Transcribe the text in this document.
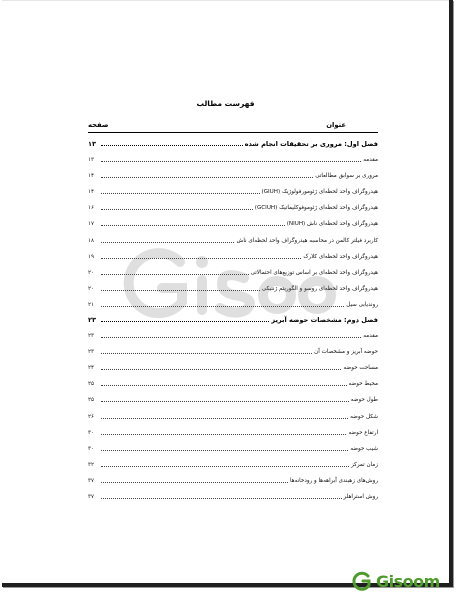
فهرست مطالب
عنوان
صفحه
فصل اول: مروری بر تحقیقات انجام شده
۱۳
مقدمه
۱۳
مروری بر سوابق مطالعاتی
۱۴
هیدروگراف واحد لحظه‌ای ژئومورفولوژیک (GIUH)
۱۴
هیدروگراف واحد لحظه‌ای ژئوموفوکلیماتیک (GCIUH)
۱۶
هیدروگراف واحد لحظه‌ای ناش (NIUH)
۱۷
کاربرد فیلتر کالمن در محاسبه هیدروگراف واحد لحظه‌ای ناش
۱۸
هیدروگراف واحد لحظه‌ای کلارک
۱۹
هیدروگراف واحد لحظه‌ای بر اساس توزیع‌های احتمالاتی
۲۰
هیدروگراف واحد لحظه‌ای روسو و الگوریتم ژنتیکی
۲۰
روندیابی سیل
۲۱
فصل دوم: مشخصات حوضه آبریز
۲۳
مقدمه
۲۳
حوضه آبریز و مشخصات آن
۲۳
مساحت حوضه
۲۴
محیط حوضه
۲۵
طول حوضه
۲۵
شکل حوضه
۲۶
ارتفاع حوضه
۳۰
شیب حوضه
۳۰
زمان تمرکز
۳۲
روش‌های زهبندی آبراهه‌ها و رودخانه‌ها
۳۷
روش استراهلر
۳۷
Gisoom
